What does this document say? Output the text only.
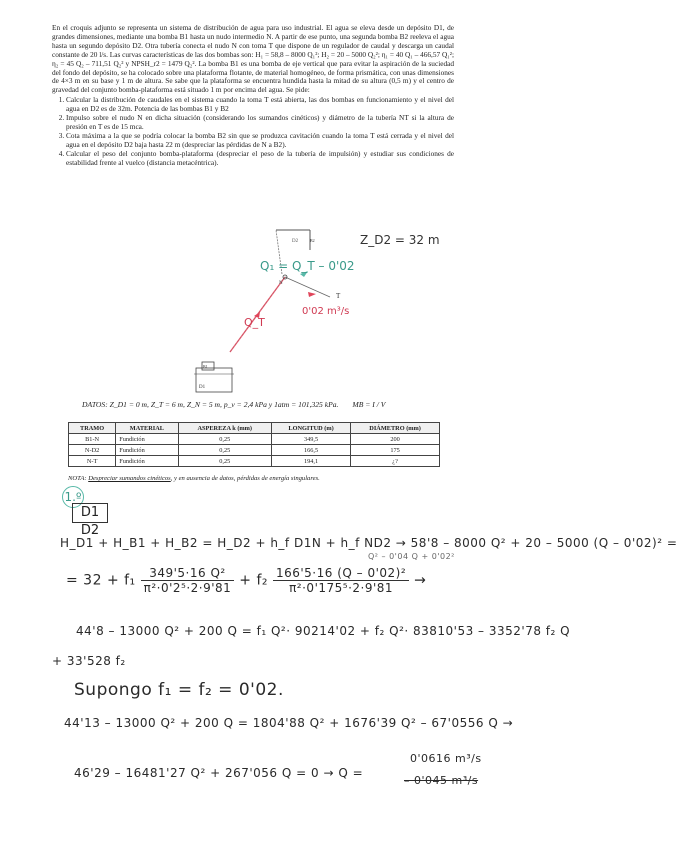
En el croquis adjunto se representa un sistema de distribución de agua para uso industrial. El agua se eleva desde un depósito D1, de grandes dimensiones, mediante una bomba B1 hasta un nudo intermedio N. A partir de ese punto, una segunda bomba B2 reeleva el agua hasta un segundo depósito D2. Otra tubería conecta el nudo N con toma T que dispone de un regulador de caudal y descarga un caudal constante de 20 l/s. Las curvas características de las dos bombas son: H₁ = 58,8 – 8000 Q₁²; H₂ = 20 – 5000 Q₂²; η₁ = 40 Q₁ – 466,57 Q₁²; η₂ = 45 Q₂ – 711,51 Q₂² y NPSH_r2 = 1479 Q₂². La bomba B1 es una bomba de eje vertical que para evitar la aspiración de la suciedad del fondo del depósito, se ha colocado sobre una plataforma flotante, de material homogéneo, de forma prismática, con unas dimensiones de 4×3 m en su base y 1 m de altura. Se sabe que la plataforma se encuentra hundida hasta la mitad de su altura (0,5 m) y el centro de gravedad del conjunto bomba-plataforma está situado 1 m por encima del agua. Se pide:

1. Calcular la distribución de caudales en el sistema cuando la toma T está abierta, las dos bombas en funcionamiento y el nivel del agua en D2 es de 32m. Potencia de las bombas B1 y B2
2. Impulso sobre el nudo N en dicha situación (considerando los sumandos cinéticos) y diámetro de la tubería NT si la altura de presión en T es de 15 mca.
3. Cota máxima a la que se podría colocar la bomba B2 sin que se produzca cavitación cuando la toma T está cerrada y el nivel del agua en el depósito D2 baja hasta 22 m (despreciar las pérdidas de N a B2).
4. Calcular el peso del conjunto bomba-plataforma (despreciar el peso de la tubería de impulsión) y estudiar sus condiciones de estabilidad frente al vuelco (distancia metacéntrica).
D2	Z_D2 = 32 m
Q₁ = Q_T – 0'02
0'02 m³/s
Q_T
N
T
B2
B1
D1
DATOS: Z_D1 = 0 m, Z_T = 6 m, Z_N = 5 m, p_v = 2,4 kPa y 1atm = 101,325 kPa. MB = I / V
TRAMO	MATERIAL	ASPEREZA k (mm)	LONGITUD (m)	DIÁMETRO (mm)
B1-N	Fundición	0,25	349,5	200
N-D2	Fundición	0,25	166,5	175
N-T	Fundición	0,25	194,1	¿?
NOTA: Despreciar sumandos cinéticos, y en ausencia de datos, pérdidas de energía singulares.
1.º
D1 D2
H_D1 + H_B1 + H_B2 = H_D2 + h_f D1N + h_f ND2 → 58'8 – 8000 Q² + 20 – 5000 (Q – 0'02)² =
Q² – 0'04 Q + 0'02²
= $32 + f_1 \frac{\text{349'5·16 Q²}}{\text{π²·0'2⁵·2·9'81}} + f_2 \frac{\text{166'5·16 (Q – 0'02)²}}{\text{π²·0'175⁵·2·9'81}}$ →
44'8 – 13000 Q² + 200 Q = f₁ Q²· 90214'02 + f₂ Q²· 83810'53 – 3352'78 f₂ Q
+ 33'528 f₂
Supongo f₁ = f₂ = 0'02.
44'13 – 13000 Q² + 200 Q = 1804'88 Q² + 1676'39 Q² – 67'0556 Q →
46'29 – 16481'27 Q² + 267'056 Q = 0 → Q =
0'0616 m³/s
– 0'045 m³/s
